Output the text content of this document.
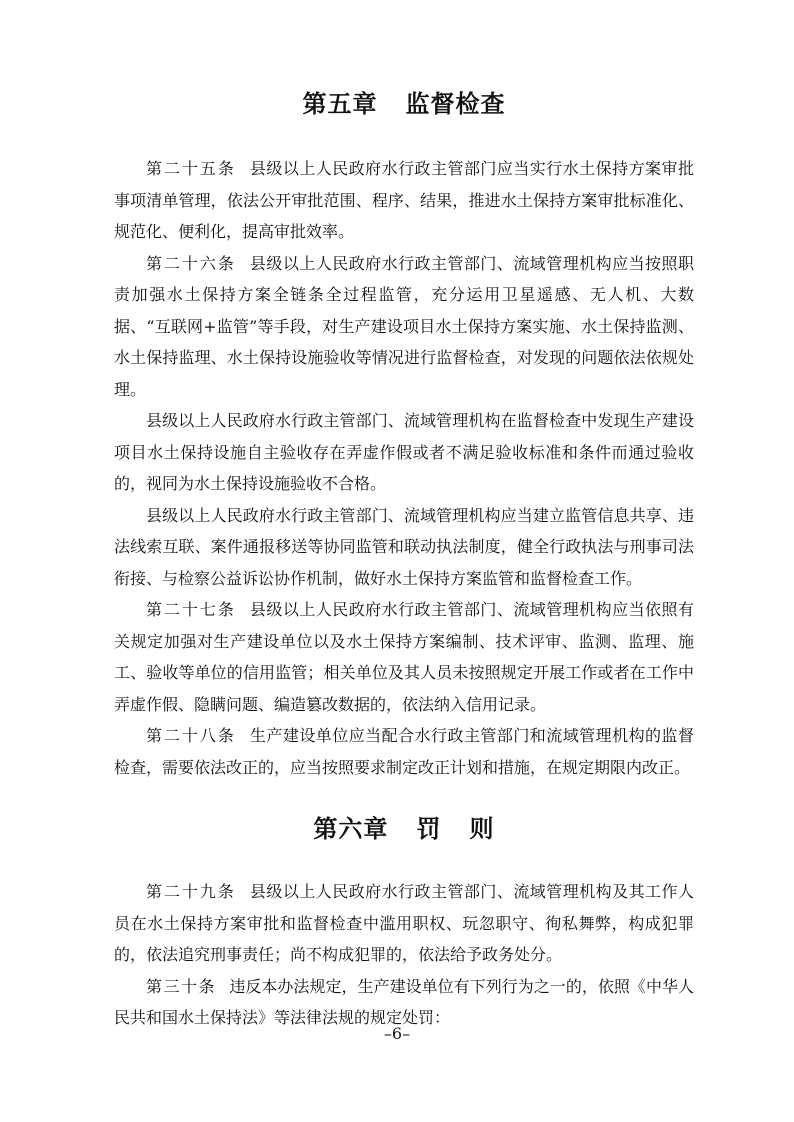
第五章   监督检查

第二十五条  县级以上人民政府水行政主管部门应当实行水土保持方案审批事项清单管理，依法公开审批范围、程序、结果，推进水土保持方案审批标准化、规范化、便利化，提高审批效率。

第二十六条  县级以上人民政府水行政主管部门、流域管理机构应当按照职责加强水土保持方案全链条全过程监管，充分运用卫星遥感、无人机、大数据、“互联网+监管”等手段，对生产建设项目水土保持方案实施、水土保持监测、水土保持监理、水土保持设施验收等情况进行监督检查，对发现的问题依法依规处理。

县级以上人民政府水行政主管部门、流域管理机构在监督检查中发现生产建设项目水土保持设施自主验收存在弄虚作假或者不满足验收标准和条件而通过验收的，视同为水土保持设施验收不合格。

县级以上人民政府水行政主管部门、流域管理机构应当建立监管信息共享、违法线索互联、案件通报移送等协同监管和联动执法制度，健全行政执法与刑事司法衔接、与检察公益诉讼协作机制，做好水土保持方案监管和监督检查工作。

第二十七条  县级以上人民政府水行政主管部门、流域管理机构应当依照有关规定加强对生产建设单位以及水土保持方案编制、技术评审、监测、监理、施工、验收等单位的信用监管；相关单位及其人员未按照规定开展工作或者在工作中弄虚作假、隐瞒问题、编造篡改数据的，依法纳入信用记录。

第二十八条  生产建设单位应当配合水行政主管部门和流域管理机构的监督检查，需要依法改正的，应当按照要求制定改正计划和措施，在规定期限内改正。

第六章   罚   则

第二十九条  县级以上人民政府水行政主管部门、流域管理机构及其工作人员在水土保持方案审批和监督检查中滥用职权、玩忽职守、徇私舞弊，构成犯罪的，依法追究刑事责任；尚不构成犯罪的，依法给予政务处分。

第三十条  违反本办法规定，生产建设单位有下列行为之一的，依照《中华人民共和国水土保持法》等法律法规的规定处罚：

–6–
